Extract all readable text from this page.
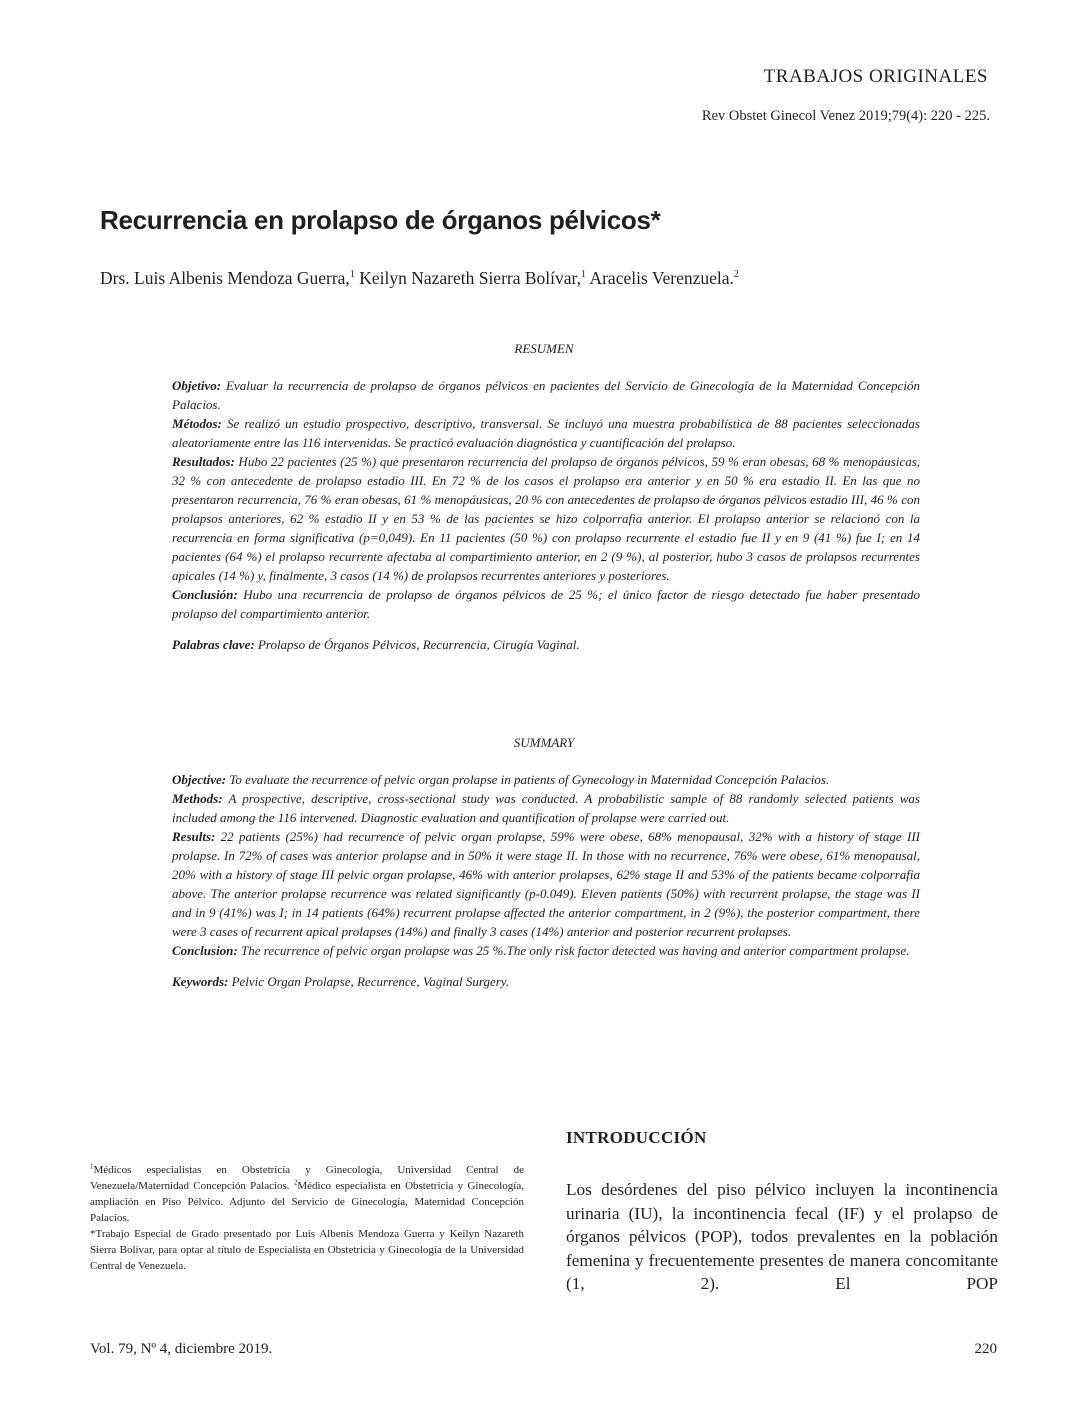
TRABAJOS ORIGINALES
Rev Obstet Ginecol Venez 2019;79(4): 220 - 225.
Recurrencia en prolapso de órganos pélvicos*
Drs. Luis Albenis Mendoza Guerra,$^1$ Keilyn Nazareth Sierra Bolívar,$^1$ Aracelis Verenzuela.$^2$
RESUMEN

Objetivo: Evaluar la recurrencia de prolapso de órganos pélvicos en pacientes del Servicio de Ginecología de la Maternidad Concepción Palacios.

Métodos: Se realizó un estudio prospectivo, descriptivo, transversal. Se incluyó una muestra probabilística de 88 pacientes seleccionadas aleatoriamente entre las 116 intervenidas. Se practicó evaluación diagnóstica y cuantificación del prolapso.

Resultados: Hubo 22 pacientes (25 %) que presentaron recurrencia del prolapso de órganos pélvicos, 59 % eran obesas, 68 % menopáusicas, 32 % con antecedente de prolapso estadio III. En 72 % de los casos el prolapso era anterior y en 50 % era estadio II. En las que no presentaron recurrencia, 76 % eran obesas, 61 % menopáusicas, 20 % con antecedentes de prolapso de órganos pélvicos estadio III, 46 % con prolapsos anteriores, 62 % estadio II y en 53 % de las pacientes se hizo colporrafia anterior. El prolapso anterior se relacionó con la recurrencia en forma significativa (p=0,049). En 11 pacientes (50 %) con prolapso recurrente el estadio fue II y en 9 (41 %) fue I; en 14 pacientes (64 %) el prolapso recurrente afectaba al compartimiento anterior, en 2 (9 %), al posterior, hubo 3 casos de prolapsos recurrentes apicales (14 %) y, finalmente, 3 casos (14 %) de prolapsos recurrentes anteriores y posteriores.

Conclusión: Hubo una recurrencia de prolapso de órganos pélvicos de 25 %; el único factor de riesgo detectado fue haber presentado prolapso del compartimiento anterior.

Palabras clave: Prolapso de Órganos Pélvicos, Recurrencia, Cirugía Vaginal.

SUMMARY

Objective: To evaluate the recurrence of pelvic organ prolapse in patients of Gynecology in Maternidad Concepción Palacios.

Methods: A prospective, descriptive, cross-sectional study was conducted. A probabilistic sample of 88 randomly selected patients was included among the 116 intervened. Diagnostic evaluation and quantification of prolapse were carried out.

Results: 22 patients (25%) had recurrence of pelvic organ prolapse, 59% were obese, 68% menopausal, 32% with a history of stage III prolapse. In 72% of cases was anterior prolapse and in 50% it were stage II. In those with no recurrence, 76% were obese, 61% menopausal, 20% with a history of stage III pelvic organ prolapse, 46% with anterior prolapses, 62% stage II and 53% of the patients became colporrafia above. The anterior prolapse recurrence was related significantly (p-0.049). Eleven patients (50%) with recurrent prolapse, the stage was II and in 9 (41%) was I; in 14 patients (64%) recurrent prolapse affected the anterior compartment, in 2 (9%), the posterior compartment, there were 3 cases of recurrent apical prolapses (14%) and finally 3 cases (14%) anterior and posterior recurrent prolapses.

Conclusion: The recurrence of pelvic organ prolapse was 25 %.The only risk factor detected was having and anterior compartment prolapse.

Keywords: Pelvic Organ Prolapse, Recurrence, Vaginal Surgery.

$^1$Médicos especialistas en Obstetricia y Ginecología, Universidad Central de Venezuela/Maternidad Concepción Palacios. $^2$Médico especialista en Obstetricia y Ginecología, ampliación en Piso Pélvico. Adjunto del Servicio de Ginecología, Maternidad Concepción Palacios.

*Trabajo Especial de Grado presentado por Luis Albenis Mendoza Guerra y Keilyn Nazareth Sierra Bolívar, para optar al título de Especialista en Obstetricia y Ginecología de la Universidad Central de Venezuela.

INTRODUCCIÓN
Los desórdenes del piso pélvico incluyen la incontinencia urinaria (IU), la incontinencia fecal (IF) y el prolapso de órganos pélvicos (POP), todos prevalentes en la población femenina y frecuentemente presentes de manera concomitante (1, 2). El POP
Vol. 79, Nº 4, diciembre 2019.	220
